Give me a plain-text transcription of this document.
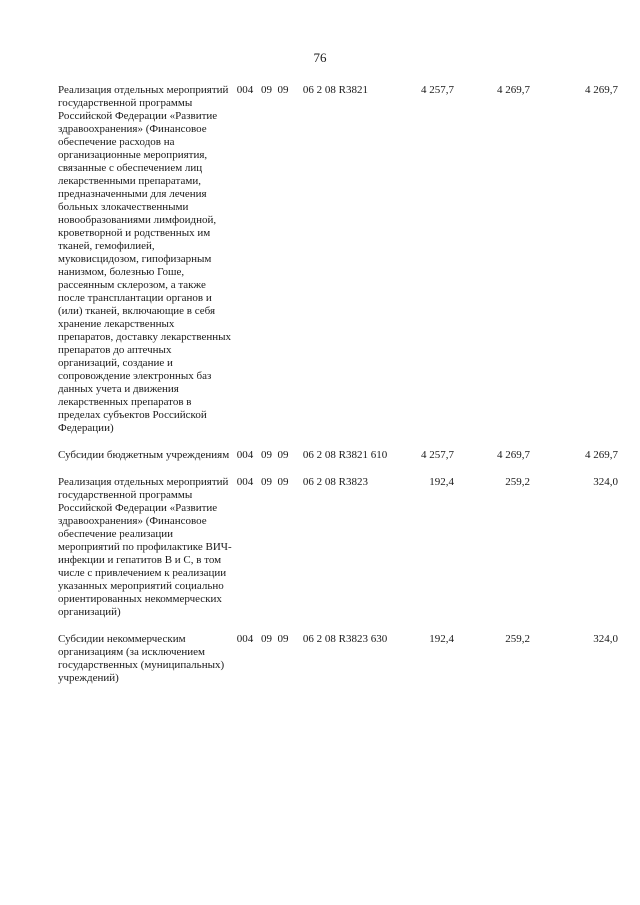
76
Реализация отдельных мероприятий государственной программы Российской Федерации «Развитие здравоохранения» (Финансовое обеспечение расходов на организационные мероприятия, связанные с обеспечением лиц лекарственными препаратами, предназначенными для лечения больных злокачественными новообразованиями лимфоидной, кроветворной и родственных им тканей, гемофилией, муковисцидозом, гипофизарным нанизмом, болезнью Гоше, рассеянным склерозом, а также после трансплантации органов и (или) тканей, включающие в себя хранение лекарственных препаратов, доставку лекарственных препаратов до аптечных организаций, создание и сопровождение электронных баз данных учета и движения лекарственных препаратов в пределах субъектов Российской Федерации)	004	09	09	06 2 08 R3821		4 257,7	4 269,7	4 269,7
Субсидии бюджетным учреждениям	004	09	09	06 2 08 R3821	610	4 257,7	4 269,7	4 269,7
Реализация отдельных мероприятий государственной программы Российской Федерации «Развитие здравоохранения» (Финансовое обеспечение реализации мероприятий по профилактике ВИЧ-инфекции и гепатитов B и C, в том числе с привлечением к реализации указанных мероприятий социально ориентированных некоммерческих организаций)	004	09	09	06 2 08 R3823		192,4	259,2	324,0
Субсидии некоммерческим организациям (за исключением государственных (муниципальных) учреждений)	004	09	09	06 2 08 R3823	630	192,4	259,2	324,0
